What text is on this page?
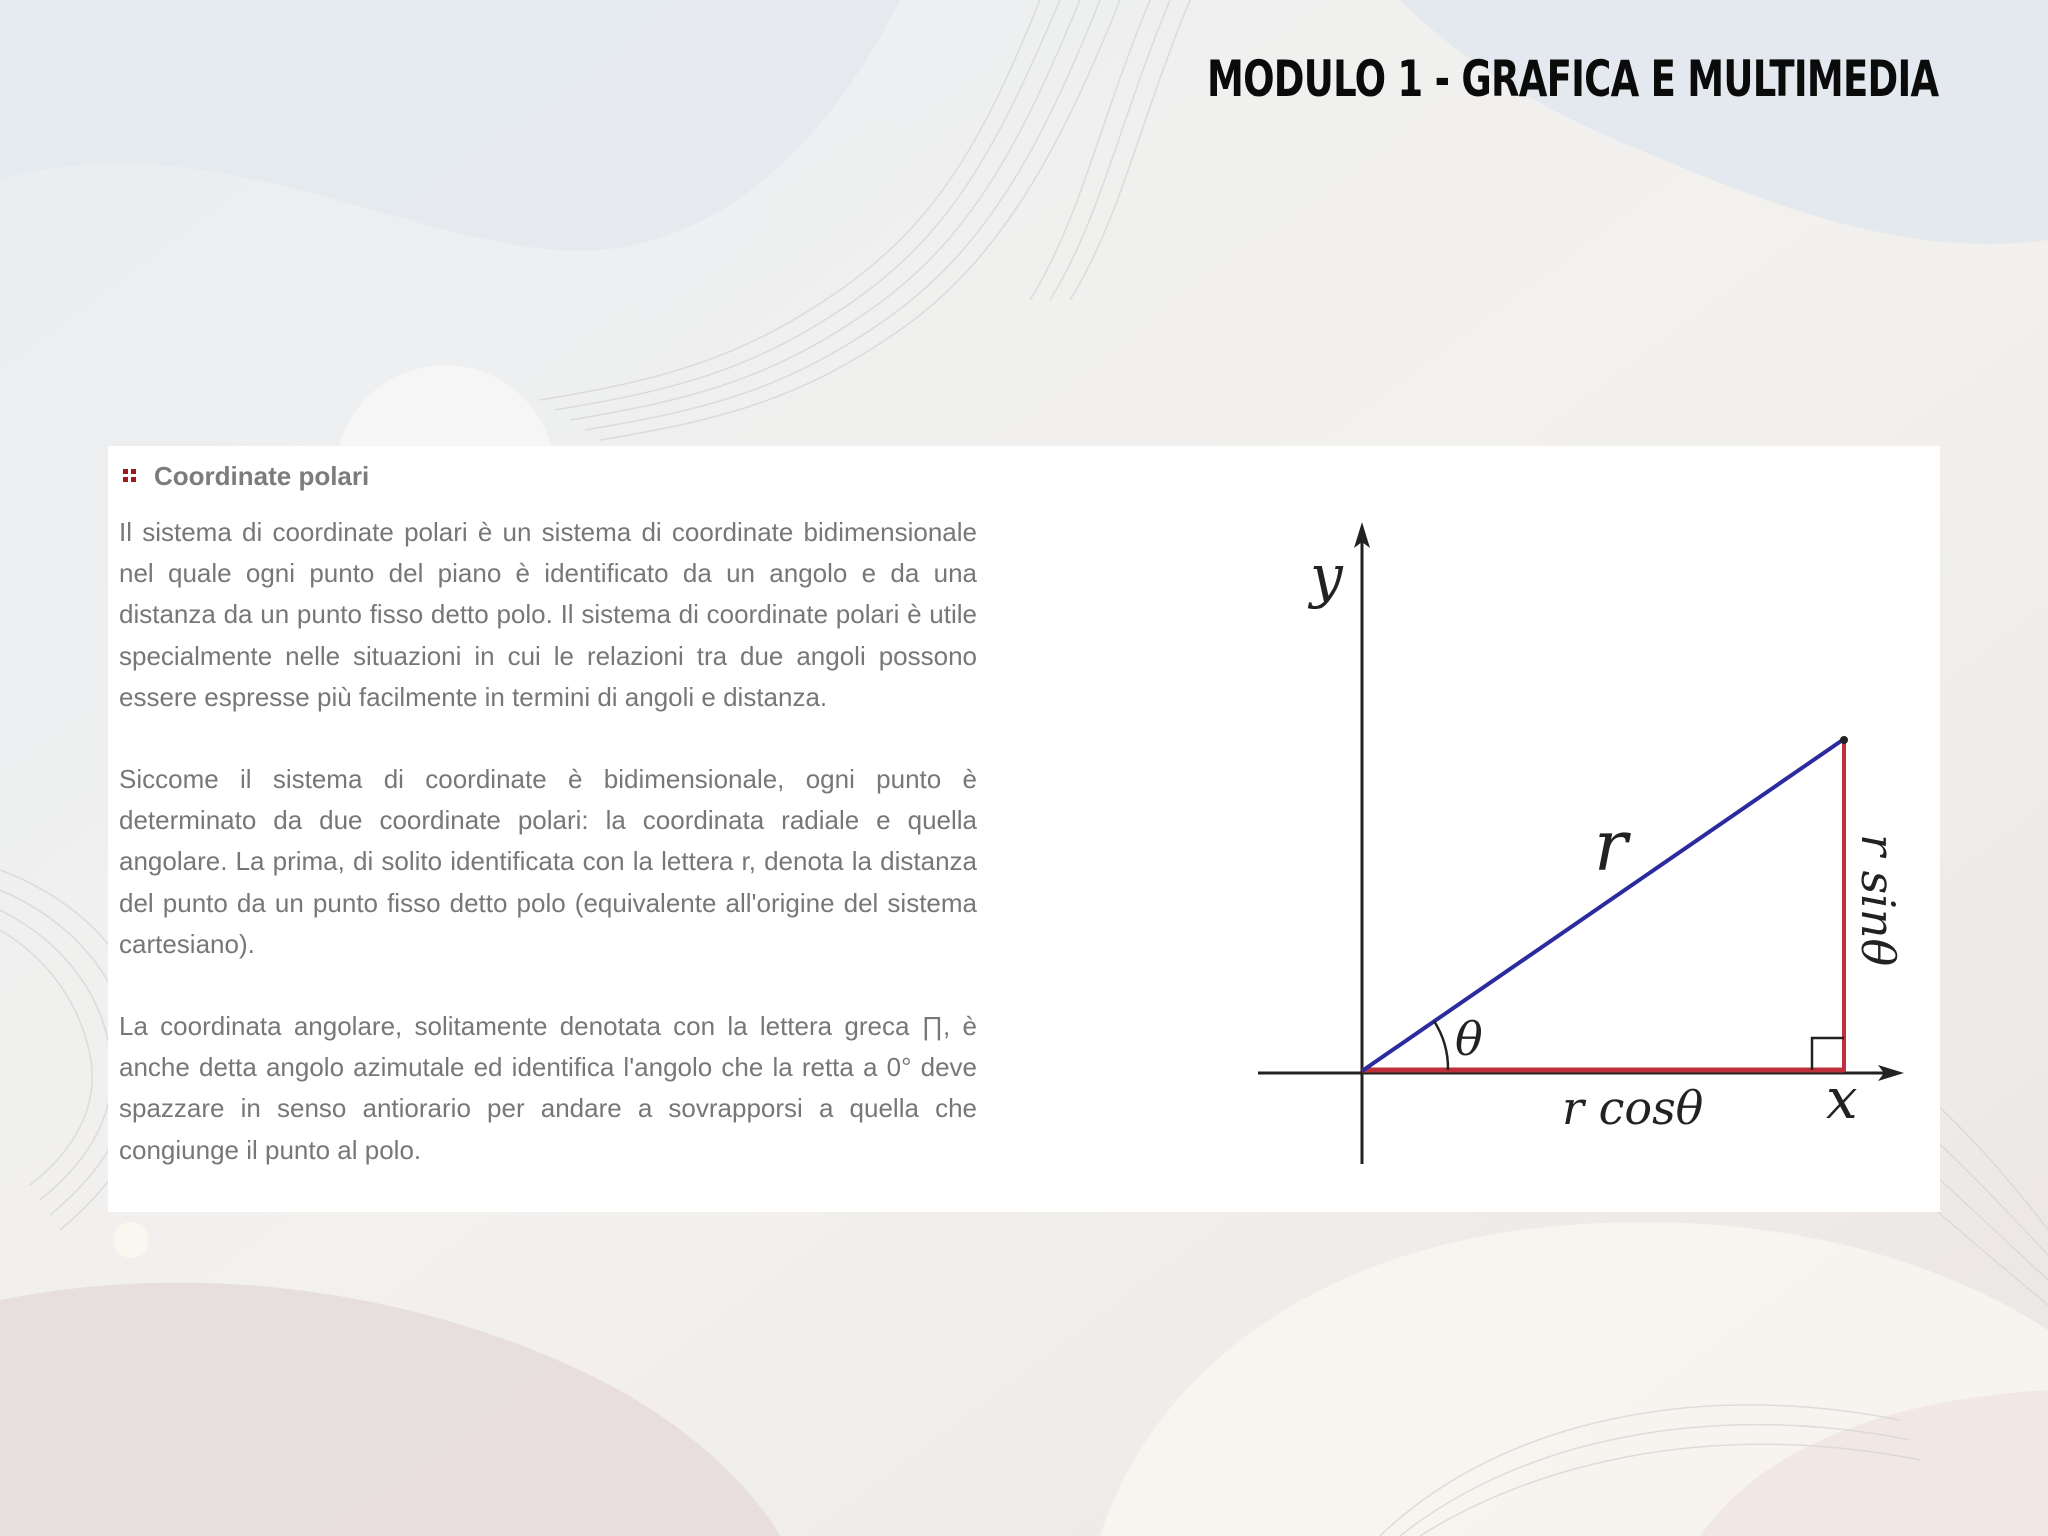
MODULO 1 - GRAFICA E MULTIMEDIA
Coordinate polari

Il sistema di coordinate polari è un sistema di coordinate bidimensionale nel quale ogni punto del piano è identificato da un angolo e da una distanza da un punto fisso detto polo. Il sistema di coordinate polari è utile specialmente nelle situazioni in cui le relazioni tra due angoli possono essere espresse più facilmente in termini di angoli e distanza.

Siccome il sistema di coordinate è bidimensionale, ogni punto è determinato da due coordinate polari: la coordinata radiale e quella angolare. La prima, di solito identificata con la lettera r, denota la distanza del punto da un punto fisso detto polo (equivalente all'origine del sistema cartesiano).

La coordinata angolare, solitamente denotata con la lettera greca ∏, è anche detta angolo azimutale ed identifica l'angolo che la retta a 0° deve spazzare in senso antiorario per andare a sovrapporsi a quella che congiunge il punto al polo.

y
x
r
θ
r cosθ
r sinθ
